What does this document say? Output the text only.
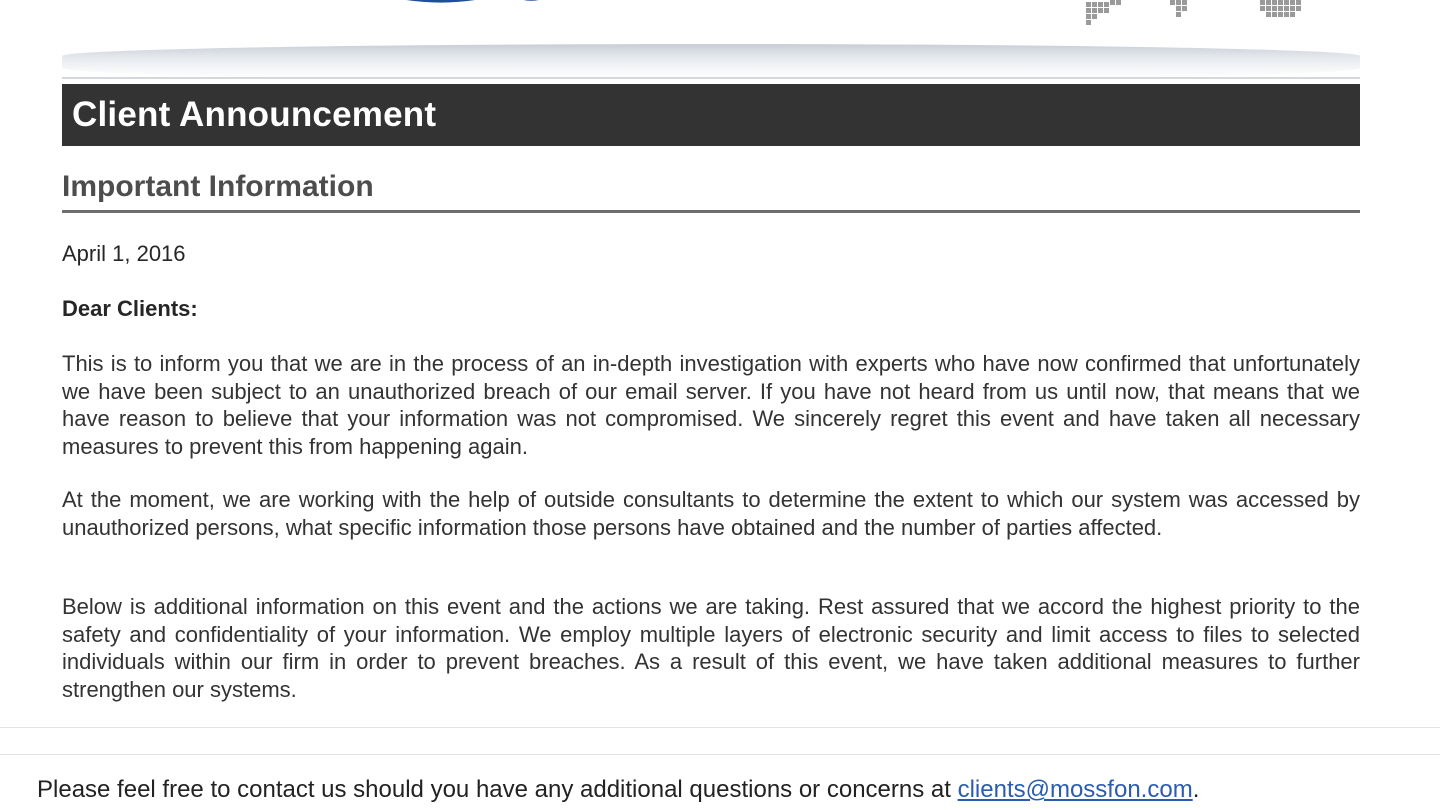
Client Announcement
Important Information
April 1, 2016
Dear Clients:
This is to inform you that we are in the process of an in-depth investigation with experts who have now confirmed that unfortunately we have been subject to an unauthorized breach of our email server. If you have not heard from us until now, that means that we have reason to believe that your information was not compromised. We sincerely regret this event and have taken all necessary measures to prevent this from happening again.
At the moment, we are working with the help of outside consultants to determine the extent to which our system was accessed by unauthorized persons, what specific information those persons have obtained and the number of parties affected.
Below is additional information on this event and the actions we are taking. Rest assured that we accord the highest priority to the safety and confidentiality of your information. We employ multiple layers of electronic security and limit access to files to selected individuals within our firm in order to prevent breaches. As a result of this event, we have taken additional measures to further strengthen our systems.
Please feel free to contact us should you have any additional questions or concerns at clients@mossfon.com.
